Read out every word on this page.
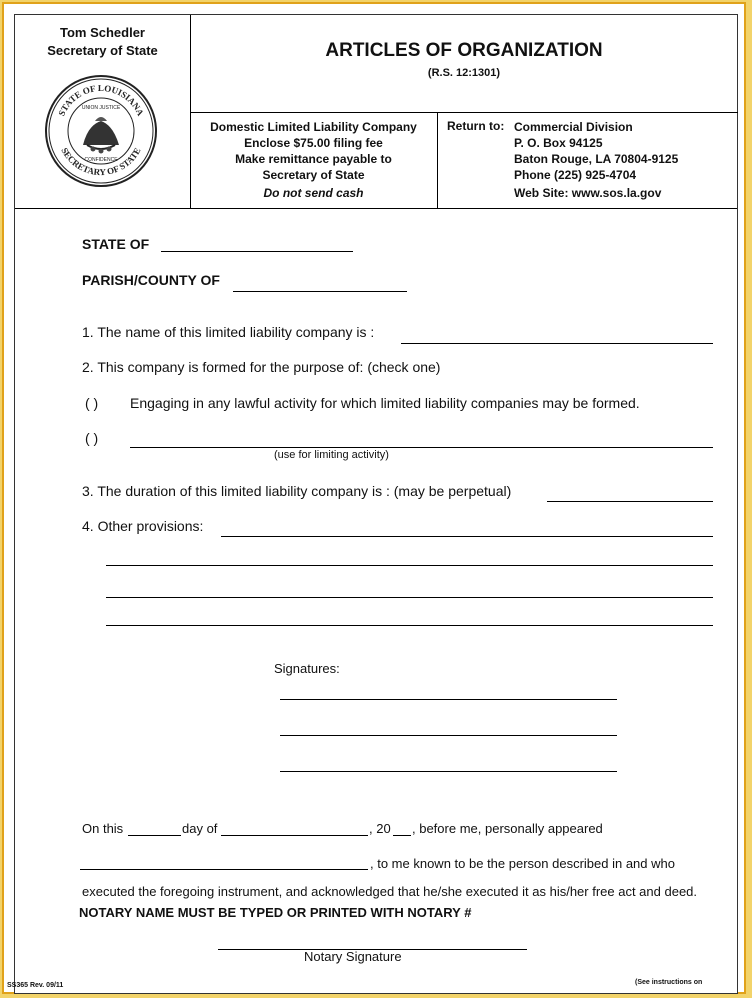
Tom Schedler
Secretary of State
STATE OF LOUISIANA
SECRETARY OF STATE
UNION JUSTICE
CONFIDENCE
ARTICLES OF ORGANIZATION
(R.S. 12:1301)
Domestic Limited Liability Company
Enclose $75.00 filing fee
Make remittance payable to
Secretary of State
Do not send cash
Return to: Commercial Division
P. O. Box 94125
Baton Rouge, LA 70804-9125
Phone (225) 925-4704
Web Site: www.sos.la.gov
STATE OF
PARISH/COUNTY OF
1. The name of this limited liability company is :
2. This company is formed for the purpose of: (check one)
( ) Engaging in any lawful activity for which limited liability companies may be formed.
( )
(use for limiting activity)
3. The duration of this limited liability company is : (may be perpetual)
4. Other provisions:
Signatures:
On this	day of	, 20 , before me, personally appeared
, to me known to be the person described in and who
executed the foregoing instrument, and acknowledged that he/she executed it as his/her free act and deed.
NOTARY NAME MUST BE TYPED OR PRINTED WITH NOTARY #
Notary Signature
SS365 Rev. 09/11	(See instructions on
